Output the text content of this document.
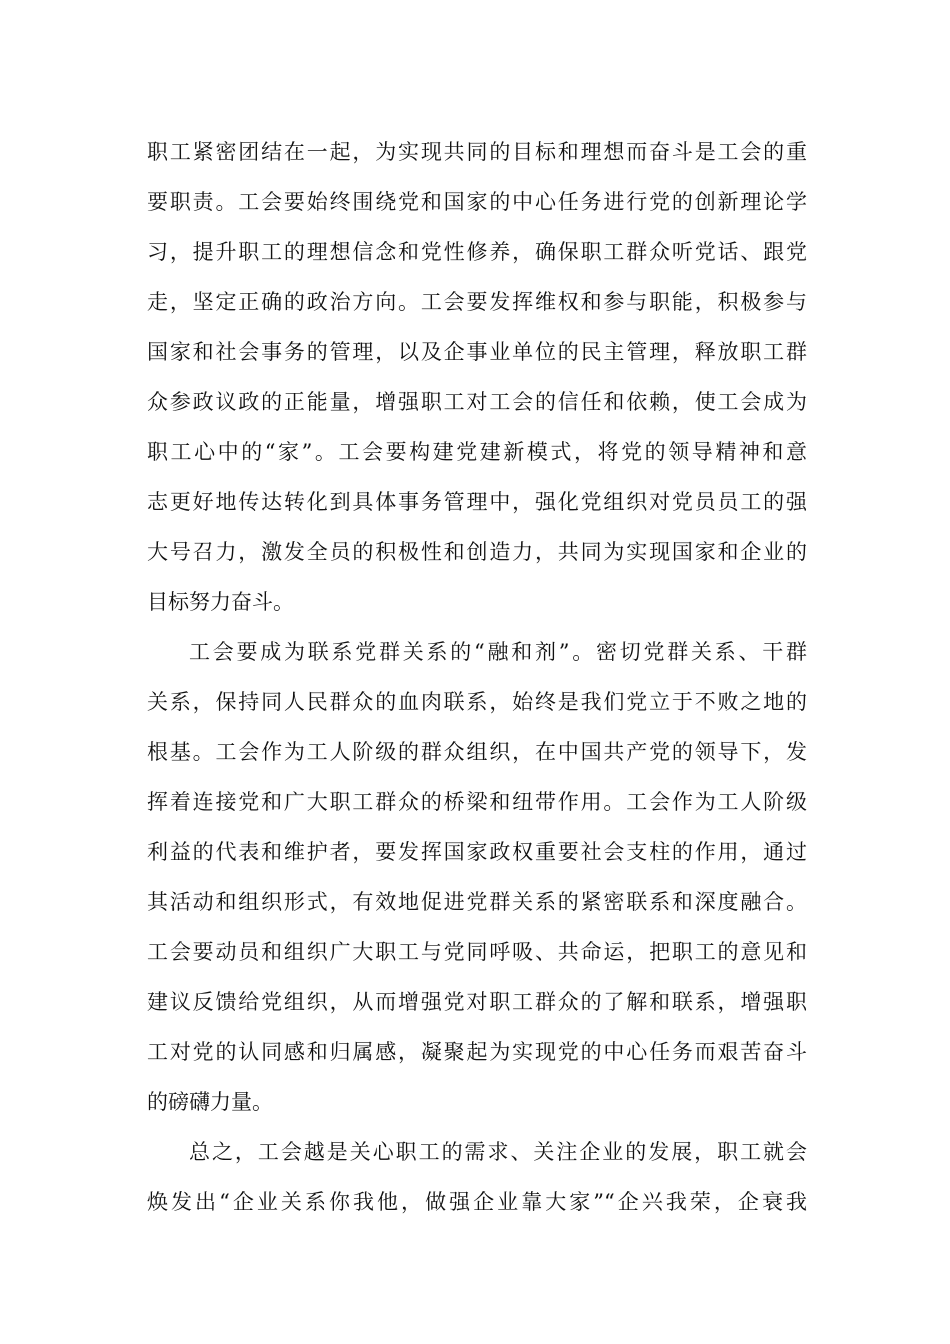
职工紧密团结在一起，为实现共同的目标和理想而奋斗是工会的重
要职责。工会要始终围绕党和国家的中心任务进行党的创新理论学
习，提升职工的理想信念和党性修养，确保职工群众听党话、跟党
走，坚定正确的政治方向。工会要发挥维权和参与职能，积极参与
国家和社会事务的管理，以及企事业单位的民主管理，释放职工群
众参政议政的正能量，增强职工对工会的信任和依赖，使工会成为
职工心中的“家”。工会要构建党建新模式，将党的领导精神和意
志更好地传达转化到具体事务管理中，强化党组织对党员员工的强
大号召力，激发全员的积极性和创造力，共同为实现国家和企业的
目标努力奋斗。
工会要成为联系党群关系的“融和剂”。密切党群关系、干群
关系，保持同人民群众的血肉联系，始终是我们党立于不败之地的
根基。工会作为工人阶级的群众组织，在中国共产党的领导下，发
挥着连接党和广大职工群众的桥梁和纽带作用。工会作为工人阶级
利益的代表和维护者，要发挥国家政权重要社会支柱的作用，通过
其活动和组织形式，有效地促进党群关系的紧密联系和深度融合。
工会要动员和组织广大职工与党同呼吸、共命运，把职工的意见和
建议反馈给党组织，从而增强党对职工群众的了解和联系，增强职
工对党的认同感和归属感，凝聚起为实现党的中心任务而艰苦奋斗
的磅礴力量。
总之，工会越是关心职工的需求、关注企业的发展，职工就会
焕发出“企业关系你我他，做强企业靠大家”“企兴我荣，企衰我
